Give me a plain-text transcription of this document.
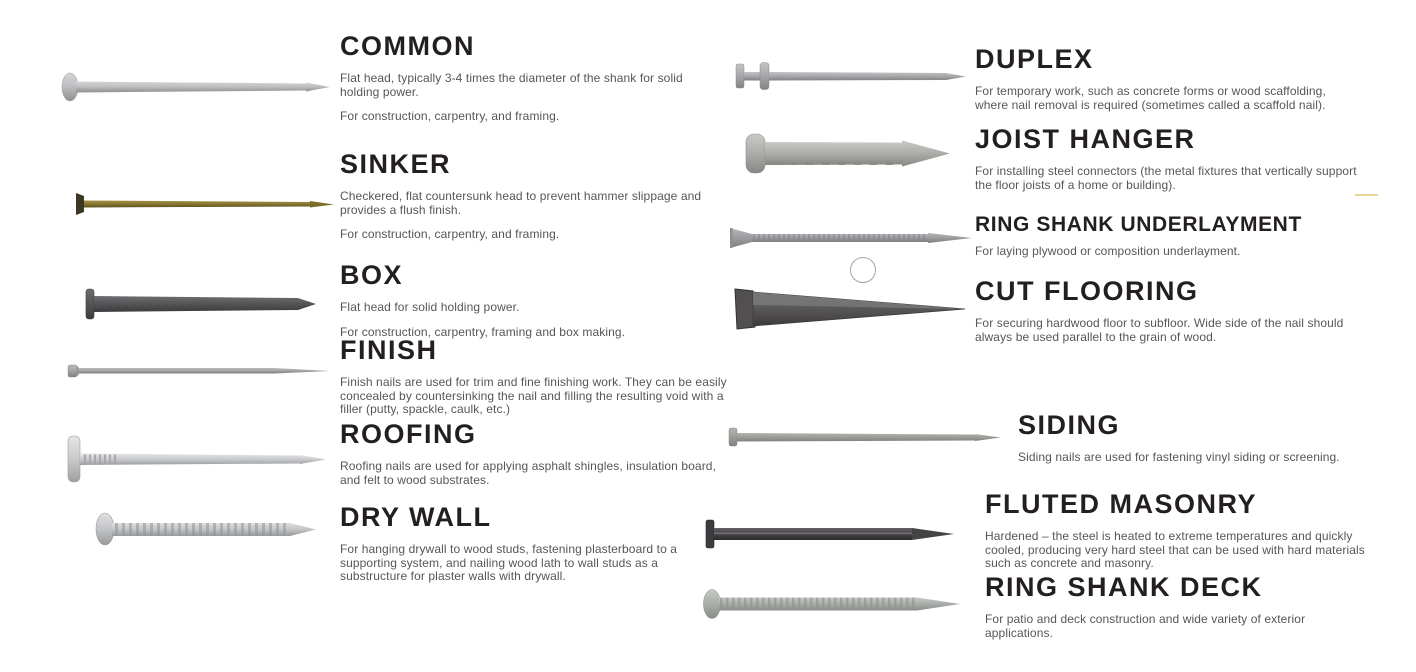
COMMON

Flat head, typically 3-4 times the diameter of the shank for solid holding power.

For construction, carpentry, and framing.

SINKER

Checkered, flat countersunk head to prevent hammer slippage and provides a flush finish.

For construction, carpentry, and framing.

BOX

Flat head for solid holding power.

For construction, carpentry, framing and box making.

FINISH

Finish nails are used for trim and fine finishing work. They can be easily concealed by countersinking the nail and filling the resulting void with a filler (putty, spackle, caulk, etc.)

ROOFING

Roofing nails are used for applying asphalt shingles, insulation board, and felt to wood substrates.

DRY WALL

For hanging drywall to wood studs, fastening plasterboard to a supporting system, and nailing wood lath to wall studs as a substructure for plaster walls with drywall.

DUPLEX

For temporary work, such as concrete forms or wood scaffolding, where nail removal is required (sometimes called a scaffold nail).

JOIST HANGER

For installing steel connectors (the metal fixtures that vertically support the floor joists of a home or building).

RING SHANK UNDERLAYMENT

For laying plywood or composition underlayment.

CUT FLOORING

For securing hardwood floor to subfloor. Wide side of the nail should always be used parallel to the grain of wood.

SIDING

Siding nails are used for fastening vinyl siding or screening.

FLUTED MASONRY

Hardened – the steel is heated to extreme temperatures and quickly cooled, producing very hard steel that can be used with hard materials such as concrete and masonry.

RING SHANK DECK

For patio and deck construction and wide variety of exterior applications.
